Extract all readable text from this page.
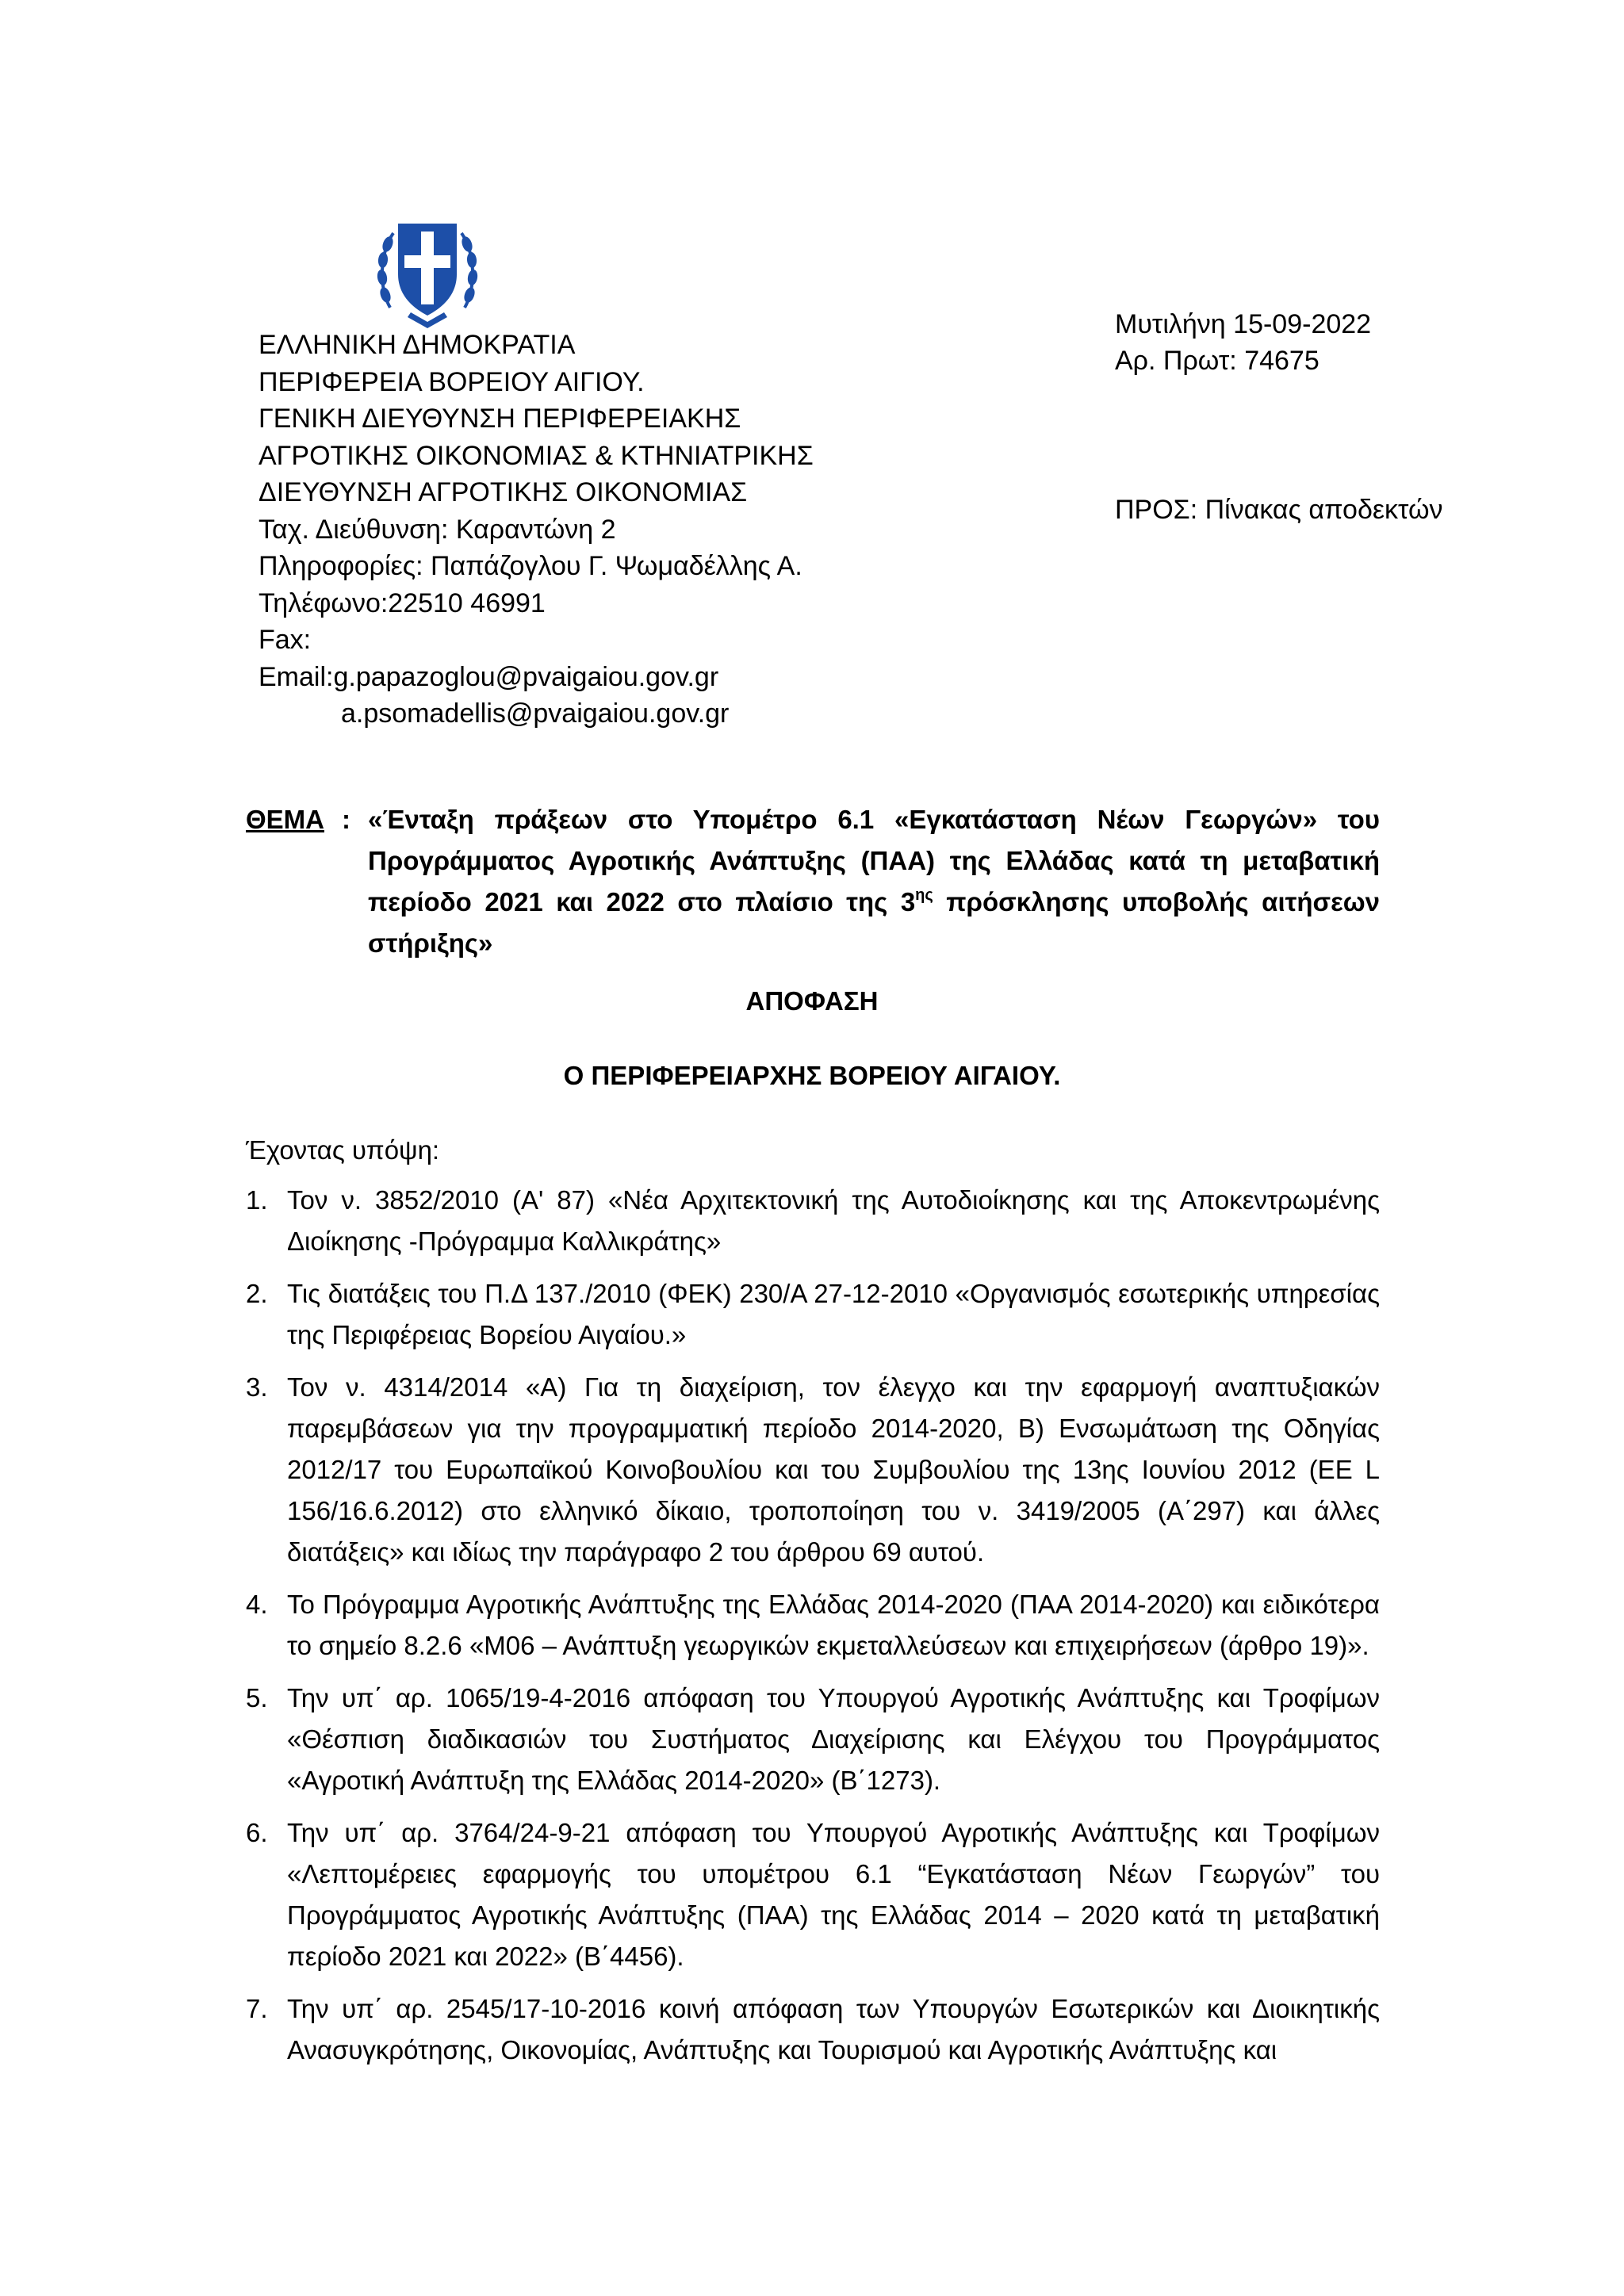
ΕΛΛΗΝΙΚΗ ΔΗΜΟΚΡΑΤΙΑ
ΠΕΡΙΦΕΡΕΙΑ ΒΟΡΕΙΟΥ ΑΙΓΙΟΥ.
ΓΕΝΙΚΗ ΔΙΕΥΘΥΝΣΗ ΠΕΡΙΦΕΡΕΙΑΚΗΣ
ΑΓΡΟΤΙΚΗΣ ΟΙΚΟΝΟΜΙΑΣ & ΚΤΗΝΙΑΤΡΙΚΗΣ
ΔΙΕΥΘΥΝΣΗ ΑΓΡΟΤΙΚΗΣ ΟΙΚΟΝΟΜΙΑΣ
Ταχ. Διεύθυνση: Καραντώνη 2
Πληροφορίες: Παπάζογλου Γ. Ψωμαδέλλης Α.
Τηλέφωνο:22510 46991
Fax:
Email:g.papazoglou@pvaigaiou.gov.gr
a.psomadellis@pvaigaiou.gov.gr
Μυτιλήνη 15-09-2022
Αρ. Πρωτ: 74675
ΠΡΟΣ: Πίνακας αποδεκτών
ΘΕΜΑ : «Ένταξη πράξεων στο Υπομέτρο 6.1 «Εγκατάσταση Νέων Γεωργών» του Προγράμματος Αγροτικής Ανάπτυξης (ΠΑΑ) της Ελλάδας κατά τη μεταβατική περίοδο 2021 και 2022 στο πλαίσιο της $3^{\eta\varsigma}$ πρόσκλησης υποβολής αιτήσεων στήριξης»
ΑΠΟΦΑΣΗ
Ο ΠΕΡΙΦΕΡΕΙΑΡΧΗΣ ΒΟΡΕΙΟΥ ΑΙΓΑΙΟΥ.
Έχοντας υπόψη:
1. Τον ν. 3852/2010 (Α' 87) «Νέα Αρχιτεκτονική της Αυτοδιοίκησης και της Αποκεντρωμένης Διοίκησης -Πρόγραμμα Καλλικράτης»
2. Τις διατάξεις του Π.Δ 137./2010 (ΦΕΚ) 230/Α 27-12-2010 «Οργανισμός εσωτερικής υπηρεσίας της Περιφέρειας Βορείου Αιγαίου.»
3. Τον ν. 4314/2014 «Α) Για τη διαχείριση, τον έλεγχο και την εφαρμογή αναπτυξιακών παρεμβάσεων για την προγραμματική περίοδο 2014-2020, Β) Ενσωμάτωση της Οδηγίας 2012/17 του Ευρωπαϊκού Κοινοβουλίου και του Συμβουλίου της 13ης Ιουνίου 2012 (ΕΕ L 156/16.6.2012) στο ελληνικό δίκαιο, τροποποίηση του ν. 3419/2005 (Α΄297) και άλλες διατάξεις» και ιδίως την παράγραφο 2 του άρθρου 69 αυτού.
4. Το Πρόγραμμα Αγροτικής Ανάπτυξης της Ελλάδας 2014-2020 (ΠΑΑ 2014-2020) και ειδικότερα το σημείο 8.2.6 «Μ06 – Ανάπτυξη γεωργικών εκμεταλλεύσεων και επιχειρήσεων (άρθρο 19)».
5. Την υπ΄ αρ. 1065/19-4-2016 απόφαση του Υπουργού Αγροτικής Ανάπτυξης και Τροφίμων «Θέσπιση διαδικασιών του Συστήματος Διαχείρισης και Ελέγχου του Προγράμματος «Αγροτική Ανάπτυξη της Ελλάδας 2014-2020» (Β΄1273).
6. Την υπ΄ αρ. 3764/24-9-21 απόφαση του Υπουργού Αγροτικής Ανάπτυξης και Τροφίμων «Λεπτομέρειες εφαρμογής του υπομέτρου 6.1 “Εγκατάσταση Νέων Γεωργών” του Προγράμματος Αγροτικής Ανάπτυξης (ΠΑΑ) της Ελλάδας 2014 – 2020 κατά τη μεταβατική περίοδο 2021 και 2022» (Β΄4456).
7. Την υπ΄ αρ. 2545/17-10-2016 κοινή απόφαση των Υπουργών Εσωτερικών και Διοικητικής Ανασυγκρότησης, Οικονομίας, Ανάπτυξης και Τουρισμού και Αγροτικής Ανάπτυξης και
